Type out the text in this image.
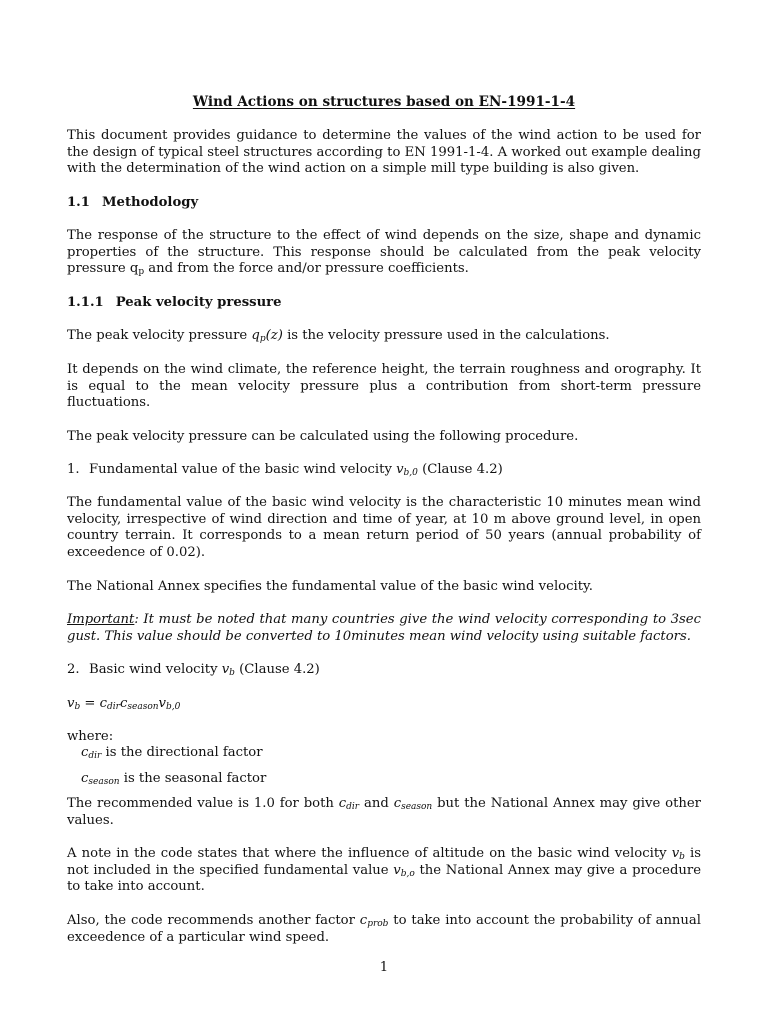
Wind Actions on structures based on EN-1991-1-4
This document provides guidance to determine the values of the wind action to be used for the design of typical steel structures according to EN 1991-1-4. A worked out example dealing with the determination of the wind action on a simple mill type building is also given.
1.1 Methodology
The response of the structure to the effect of wind depends on the size, shape and dynamic properties of the structure. This response should be calculated from the peak velocity pressure $q_p$ and from the force and/or pressure coefficients.
1.1.1 Peak velocity pressure
The peak velocity pressure $q_p(z)$ is the velocity pressure used in the calculations.
It depends on the wind climate, the reference height, the terrain roughness and orography. It is equal to the mean velocity pressure plus a contribution from short-term pressure fluctuations.
The peak velocity pressure can be calculated using the following procedure.
1. Fundamental value of the basic wind velocity $v_{b,0}$ (Clause 4.2)
The fundamental value of the basic wind velocity is the characteristic 10 minutes mean wind velocity, irrespective of wind direction and time of year, at 10 m above ground level, in open country terrain. It corresponds to a mean return period of 50 years (annual probability of exceedence of 0.02).
The National Annex specifies the fundamental value of the basic wind velocity.
Important: It must be noted that many countries give the wind velocity corresponding to 3sec gust. This value should be converted to 10minutes mean wind velocity using suitable factors.
2. Basic wind velocity $v_b$ (Clause 4.2)
$v_b = c_{dir}c_{season}v_{b,0}$
where:
$c_{dir}$ is the directional factor
$c_{season}$ is the seasonal factor
The recommended value is 1.0 for both $c_{dir}$ and $c_{season}$ but the National Annex may give other values.
A note in the code states that where the influence of altitude on the basic wind velocity $v_b$ is not included in the specified fundamental value $v_{b,o}$ the National Annex may give a procedure to take into account.
Also, the code recommends another factor $c_{prob}$ to take into account the probability of annual exceedence of a particular wind speed.
1
